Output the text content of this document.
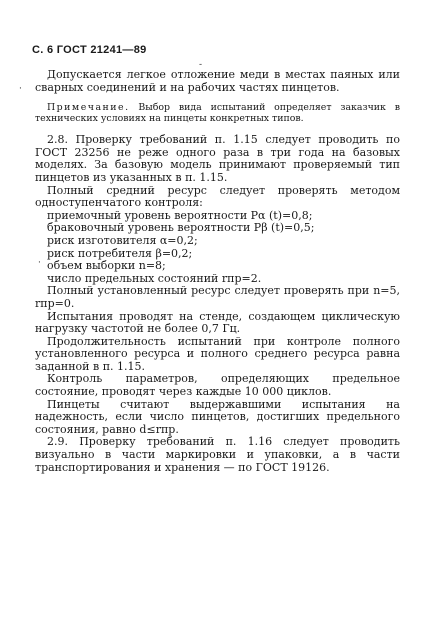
С. 6 ГОСТ 21241—89
-
·
·

Допускается легкое отложение меди в местах паяных или сварных соединений и на рабочих частях пинцетов.

Примечание. Выбор вида испытаний определяет заказчик в технических условиях на пинцеты конкретных типов.

2.8. Проверку требований п. 1.15 следует проводить по ГОСТ 23256 не реже одного раза в три года на базовых моделях. За базовую модель принимают проверяемый тип пинцетов из указанных в п. 1.15.

Полный средний ресурс следует проверять методом одноступенчатого контроля:

приемочный уровень вероятности Pα (t)=0,8;
браковочный уровень вероятности Pβ (t)=0,5;
риск изготовителя α=0,2;
риск потребителя β=0,2;
объем выборки n=8;
число предельных состояний rпр=2.

Полный установленный ресурс следует проверять при n=5, rпр=0.

Испытания проводят на стенде, создающем циклическую нагрузку частотой не более 0,7 Гц.

Продолжительность испытаний при контроле полного установленного ресурса и полного среднего ресурса равна заданной в п. 1.15.

Контроль параметров, определяющих предельное состояние, проводят через каждые 10 000 циклов.

Пинцеты считают выдержавшими испытания на надежность, если число пинцетов, достигших предельного состояния, равно d≤rпр.

2.9. Проверку требований п. 1.16 следует проводить визуально в части маркировки и упаковки, а в части транспортирования и хранения — по ГОСТ 19126.
